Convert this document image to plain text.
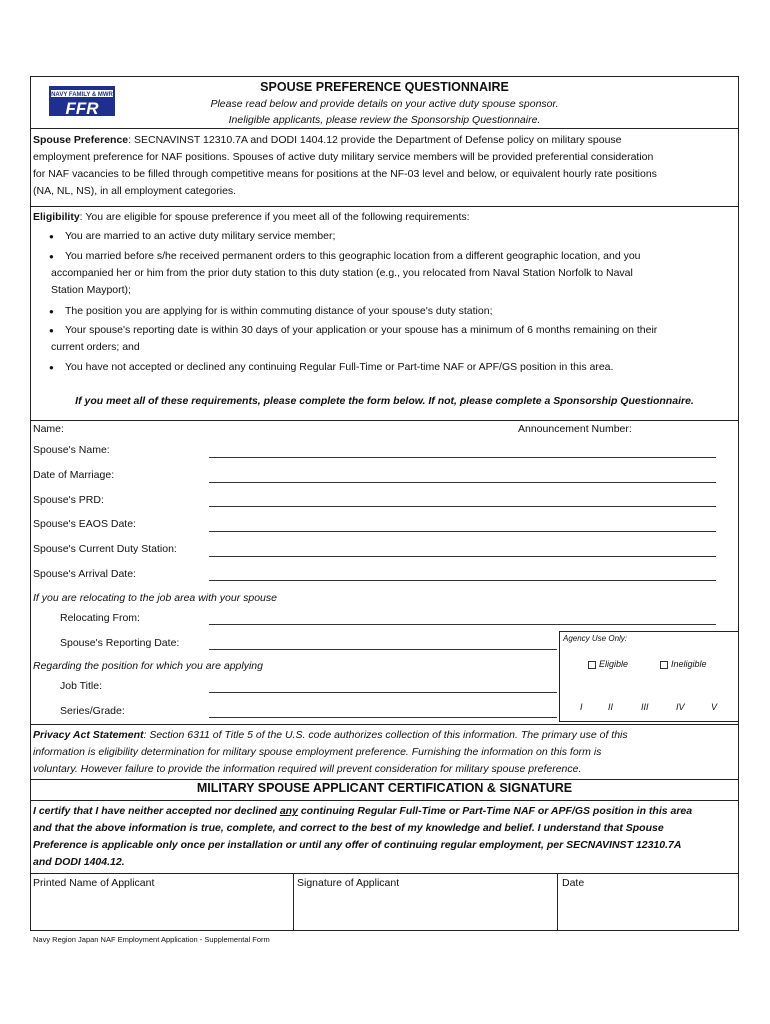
NAVY FAMILY & MWR
FFR
SPOUSE PREFERENCE QUESTIONNAIRE
Please read below and provide details on your active duty spouse sponsor.
Ineligible applicants, please review the Sponsorship Questionnaire.
Spouse Preference: SECNAVINST 12310.7A and DODI 1404.12 provide the Department of Defense policy on military spouse
employment preference for NAF positions. Spouses of active duty military service members will be provided preferential consideration
for NAF vacancies to be filled through competitive means for positions at the NF-03 level and below, or equivalent hourly rate positions
(NA, NL, NS), in all employment categories.
Eligibility: You are eligible for spouse preference if you meet all of the following requirements:
● You are married to an active duty military service member;
● You married before s/he received permanent orders to this geographic location from a different geographic location, and you
accompanied her or him from the prior duty station to this duty station (e.g., you relocated from Naval Station Norfolk to Naval
Station Mayport);
● The position you are applying for is within commuting distance of your spouse's duty station;
● Your spouse's reporting date is within 30 days of your application or your spouse has a minimum of 6 months remaining on their
current orders; and
● You have not accepted or declined any continuing Regular Full-Time or Part-time NAF or APF/GS position in this area.
If you meet all of these requirements, please complete the form below. If not, please complete a Sponsorship Questionnaire.
Name:	Announcement Number:
Spouse's Name:
Date of Marriage:
Spouse's PRD:
Spouse's EAOS Date:
Spouse's Current Duty Station:
Spouse's Arrival Date:
If you are relocating to the job area with your spouse
Relocating From:
Spouse's Reporting Date:
Regarding the position for which you are applying
Job Title:
Series/Grade:
Agency Use Only:
Eligible	Ineligible
I	II	III	IV	V
Privacy Act Statement: Section 6311 of Title 5 of the U.S. code authorizes collection of this information. The primary use of this
information is eligibility determination for military spouse employment preference. Furnishing the information on this form is
voluntary. However failure to provide the information required will prevent consideration for military spouse preference.
MILITARY SPOUSE APPLICANT CERTIFICATION & SIGNATURE
I certify that I have neither accepted nor declined any continuing Regular Full-Time or Part-Time NAF or APF/GS position in this area
and that the above information is true, complete, and correct to the best of my knowledge and belief. I understand that Spouse
Preference is applicable only once per installation or until any offer of continuing regular employment, per SECNAVINST 12310.7A
and DODI 1404.12.
Printed Name of Applicant	Signature of Applicant	Date
Navy Region Japan NAF Employment Application - Supplemental Form
